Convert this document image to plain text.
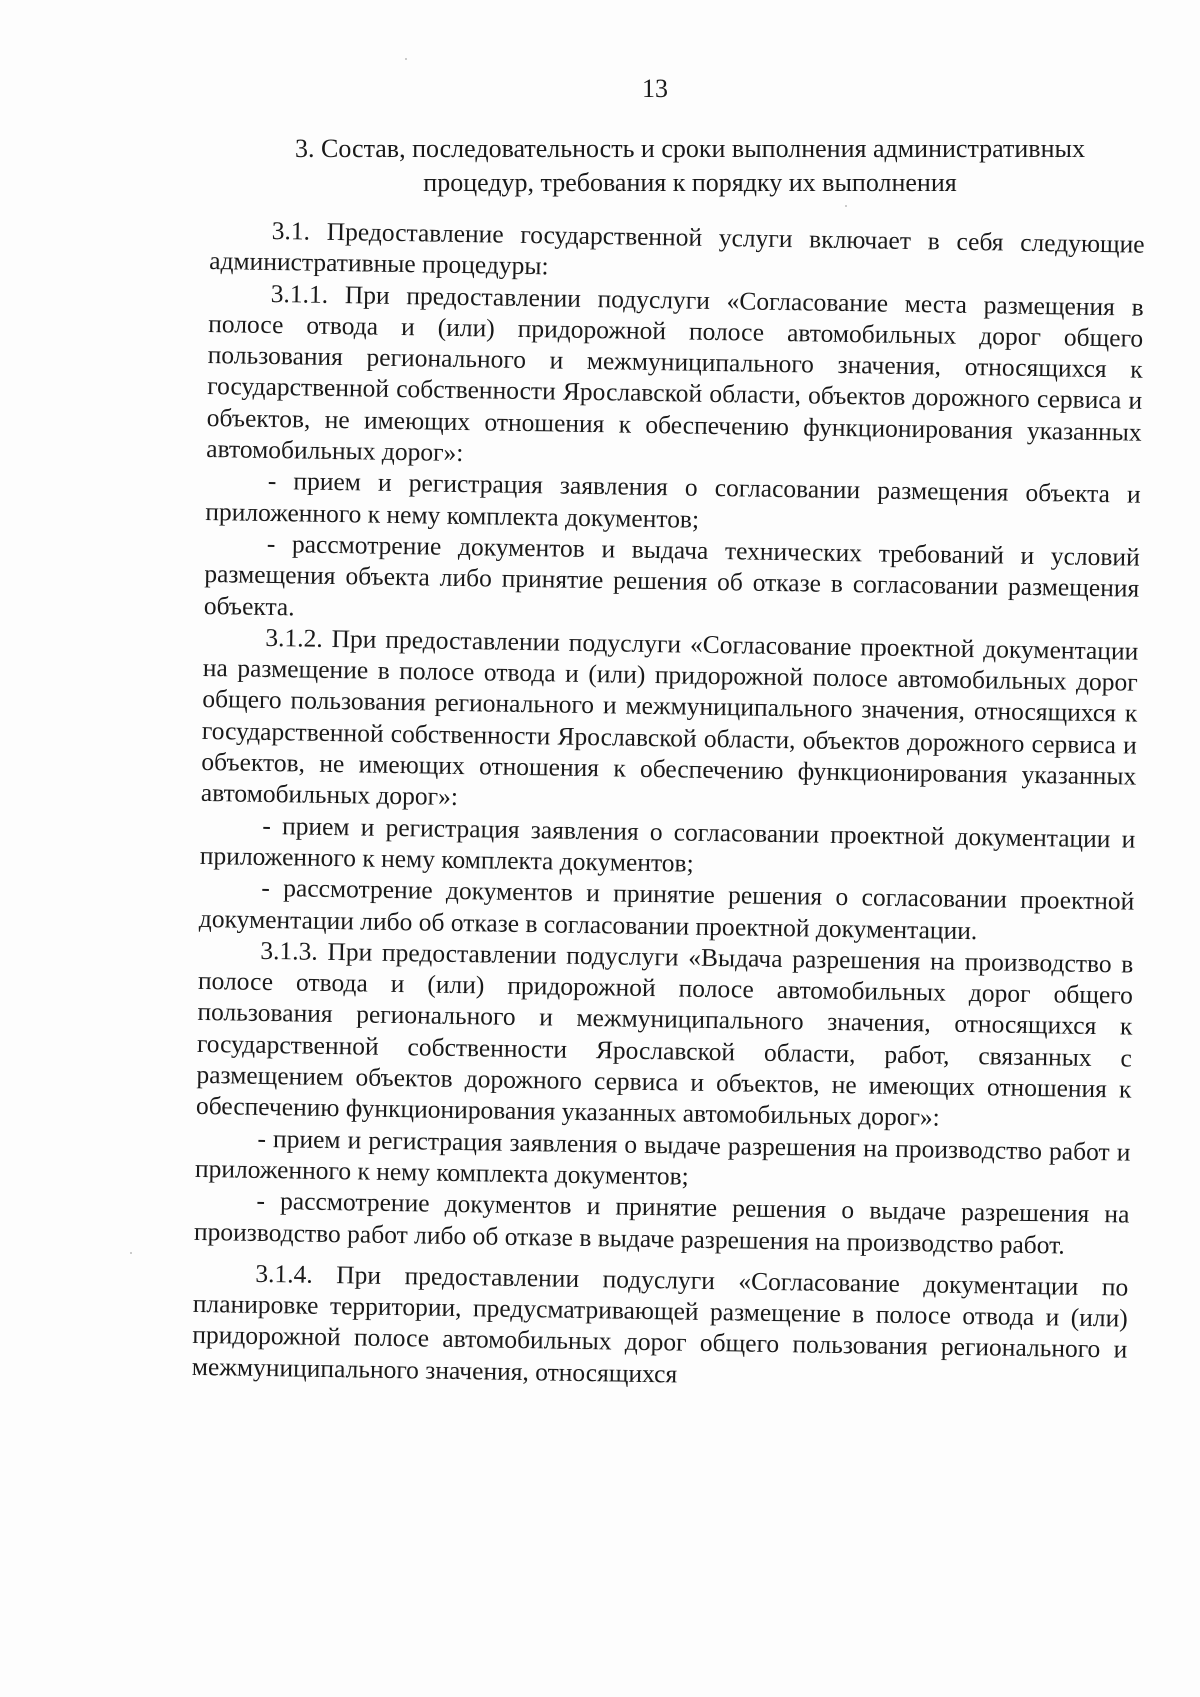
13
3. Состав, последовательность и сроки выполнения административных процедур, требования к порядку их выполнения

3.1. Предоставление государственной услуги включает в себя следующие административные процедуры:

3.1.1. При предоставлении подуслуги «Согласование места размещения в полосе отвода и (или) придорожной полосе автомобильных дорог общего пользования регионального и межмуниципального значения, относящихся к государственной собственности Ярославской области, объектов дорожного сервиса и объектов, не имеющих отношения к обеспечению функционирования указанных автомобильных дорог»:

- прием и регистрация заявления о согласовании размещения объекта и приложенного к нему комплекта документов;

- рассмотрение документов и выдача технических требований и условий размещения объекта либо принятие решения об отказе в согласовании размещения объекта.

3.1.2. При предоставлении подуслуги «Согласование проектной документации на размещение в полосе отвода и (или) придорожной полосе автомобильных дорог общего пользования регионального и межмуниципального значения, относящихся к государственной собственности Ярославской области, объектов дорожного сервиса и объектов, не имеющих отношения к обеспечению функционирования указанных автомобильных дорог»:

- прием и регистрация заявления о согласовании проектной документации и приложенного к нему комплекта документов;

- рассмотрение документов и принятие решения о согласовании проектной документации либо об отказе в согласовании проектной документации.

3.1.3. При предоставлении подуслуги «Выдача разрешения на производство в полосе отвода и (или) придорожной полосе автомобильных дорог общего пользования регионального и межмуниципального значения, относящихся к государственной собственности Ярославской области, работ, связанных с размещением объектов дорожного сервиса и объектов, не имеющих отношения к обеспечению функционирования указанных автомобильных дорог»:

- прием и регистрация заявления о выдаче разрешения на производство работ и приложенного к нему комплекта документов;

- рассмотрение документов и принятие решения о выдаче разрешения на производство работ либо об отказе в выдаче разрешения на производство работ.

3.1.4. При предоставлении подуслуги «Согласование документации по планировке территории, предусматривающей размещение в полосе отвода и (или) придорожной полосе автомобильных дорог общего пользования регионального и межмуниципального значения, относящихся
